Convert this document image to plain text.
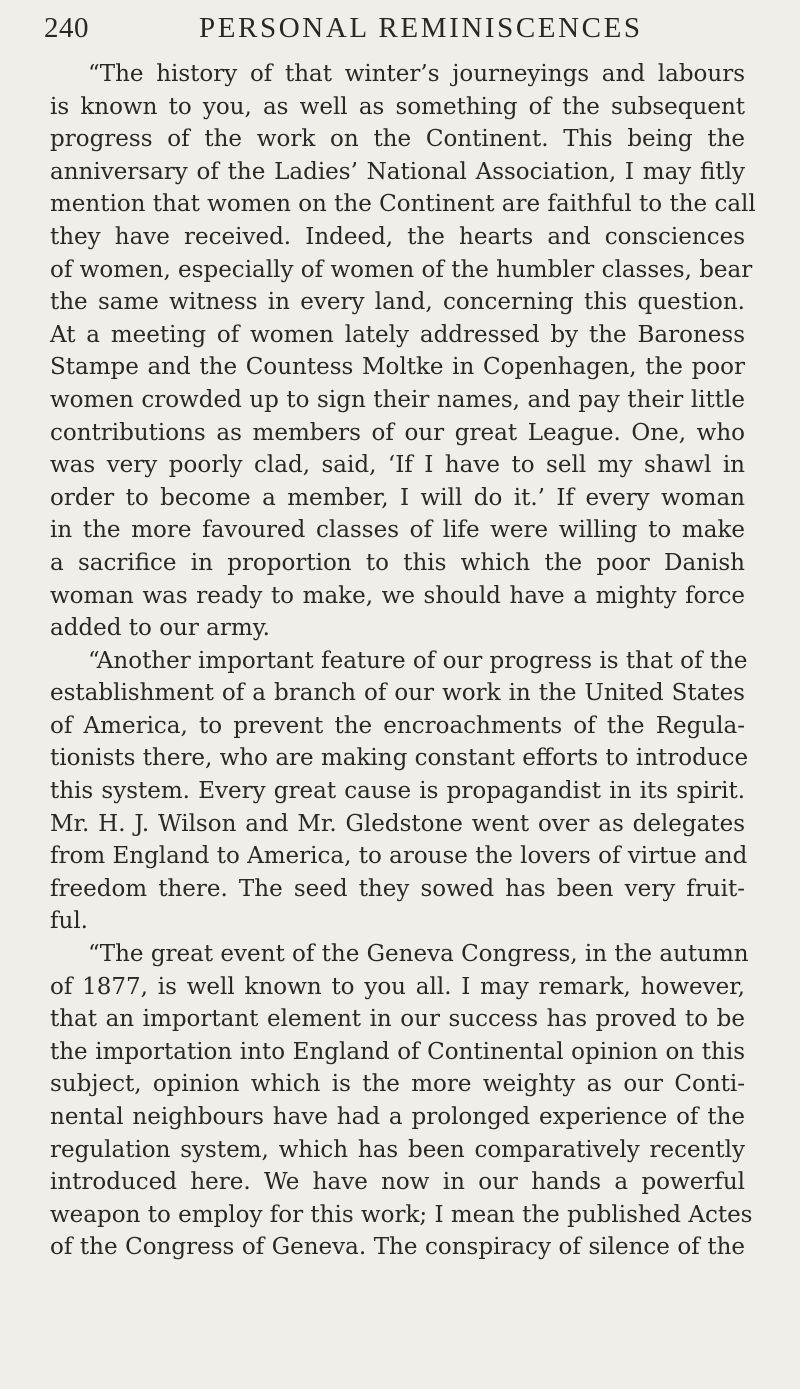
240	PERSONAL REMINISCENCES
“The history of that winter’s journeyings and labours
is known to you, as well as something of the subsequent
progress of the work on the Continent. This being the
anniversary of the Ladies’ National Association, I may fitly
mention that women on the Continent are faithful to the call
they have received. Indeed, the hearts and consciences
of women, especially of women of the humbler classes, bear
the same witness in every land, concerning this question.
At a meeting of women lately addressed by the Baroness
Stampe and the Countess Moltke in Copenhagen, the poor
women crowded up to sign their names, and pay their little
contributions as members of our great League. One, who
was very poorly clad, said, ‘If I have to sell my shawl in
order to become a member, I will do it.’ If every woman
in the more favoured classes of life were willing to make
a sacrifice in proportion to this which the poor Danish
woman was ready to make, we should have a mighty force
added to our army.
“Another important feature of our progress is that of the
establishment of a branch of our work in the United States
of America, to prevent the encroachments of the Regula-
tionists there, who are making constant efforts to introduce
this system. Every great cause is propagandist in its spirit.
Mr. H. J. Wilson and Mr. Gledstone went over as delegates
from England to America, to arouse the lovers of virtue and
freedom there. The seed they sowed has been very fruit-
ful.
“The great event of the Geneva Congress, in the autumn
of 1877, is well known to you all. I may remark, however,
that an important element in our success has proved to be
the importation into England of Continental opinion on this
subject, opinion which is the more weighty as our Conti-
nental neighbours have had a prolonged experience of the
regulation system, which has been comparatively recently
introduced here. We have now in our hands a powerful
weapon to employ for this work; I mean the published Actes
of the Congress of Geneva. The conspiracy of silence of the
